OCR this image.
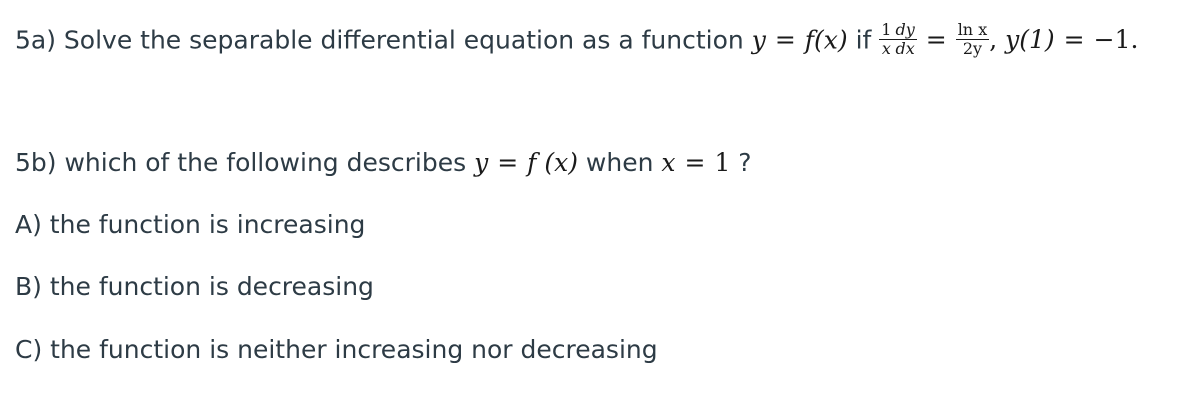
5a) Solve the separable differential equation as a function y = f(x) if $\frac{1}{x} \frac{dy}{dx} = \frac{\text{ln x}}{2y}$ , y(1) = −1.
5b) which of the following describes y = f (x) when x = 1 ?
A) the function is increasing
B) the function is decreasing
C) the function is neither increasing nor decreasing
